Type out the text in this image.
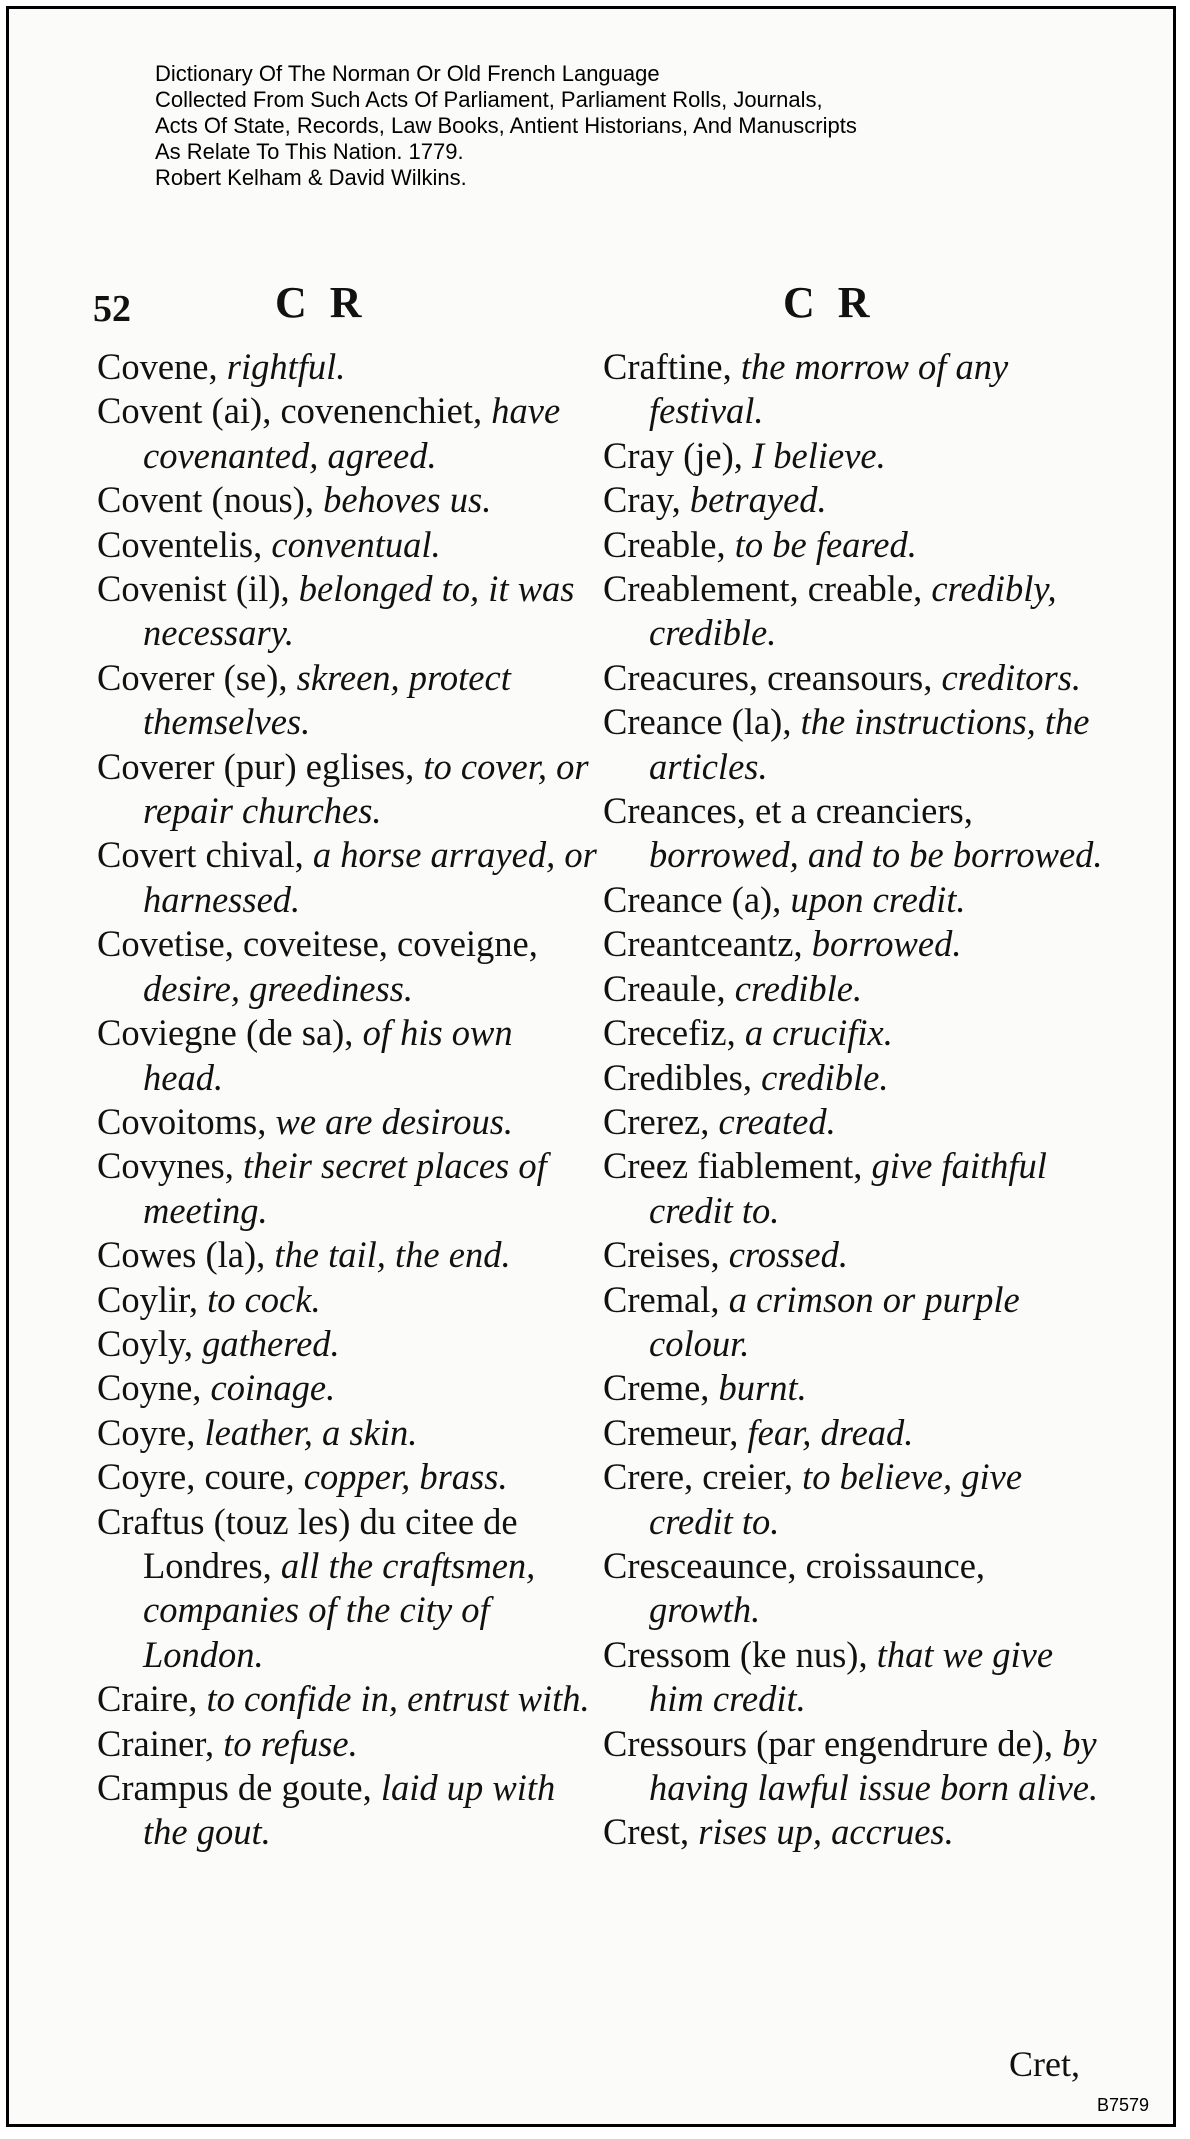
Dictionary Of The Norman Or Old French Language
Collected From Such Acts Of Parliament, Parliament Rolls, Journals,
Acts Of State, Records, Law Books, Antient Historians, And Manuscripts
As Relate To This Nation. 1779.
Robert Kelham & David Wilkins.
52	C R	C R

Covene, rightful.

Covent (ai), covenenchiet, have covenanted, agreed.

Covent (nous), behoves us.

Coventelis, conventual.

Covenist (il), belonged to, it was necessary.

Coverer (se), skreen, protect themselves.

Coverer (pur) eglises, to cover, or repair churches.

Covert chival, a horse arrayed, or harnessed.

Covetise, coveitese, coveigne, desire, greediness.

Coviegne (de sa), of his own head.

Covoitoms, we are desirous.

Covynes, their secret places of meeting.

Cowes (la), the tail, the end.

Coylir, to cock.

Coyly, gathered.

Coyne, coinage.

Coyre, leather, a skin.

Coyre, coure, copper, brass.

Craftus (touz les) du citee de Londres, all the craftsmen, companies of the city of London.

Craire, to confide in, entrust with.

Crainer, to refuse.

Crampus de goute, laid up with the gout.

Craftine, the morrow of any festival.

Cray (je), I believe.

Cray, betrayed.

Creable, to be feared.

Creablement, creable, credibly, credible.

Creacures, creansours, creditors.

Creance (la), the instructions, the articles.

Creances, et a creanciers, borrowed, and to be borrowed.

Creance (a), upon credit.

Creantceantz, borrowed.

Creaule, credible.

Crecefiz, a crucifix.

Credibles, credible.

Crerez, created.

Creez fiablement, give faithful credit to.

Creises, crossed.

Cremal, a crimson or purple colour.

Creme, burnt.

Cremeur, fear, dread.

Crere, creier, to believe, give credit to.

Cresceaunce, croissaunce, growth.

Cressom (ke nus), that we give him credit.

Cressours (par engendrure de), by having lawful issue born alive.

Crest, rises up, accrues.

Cret,
B7579
